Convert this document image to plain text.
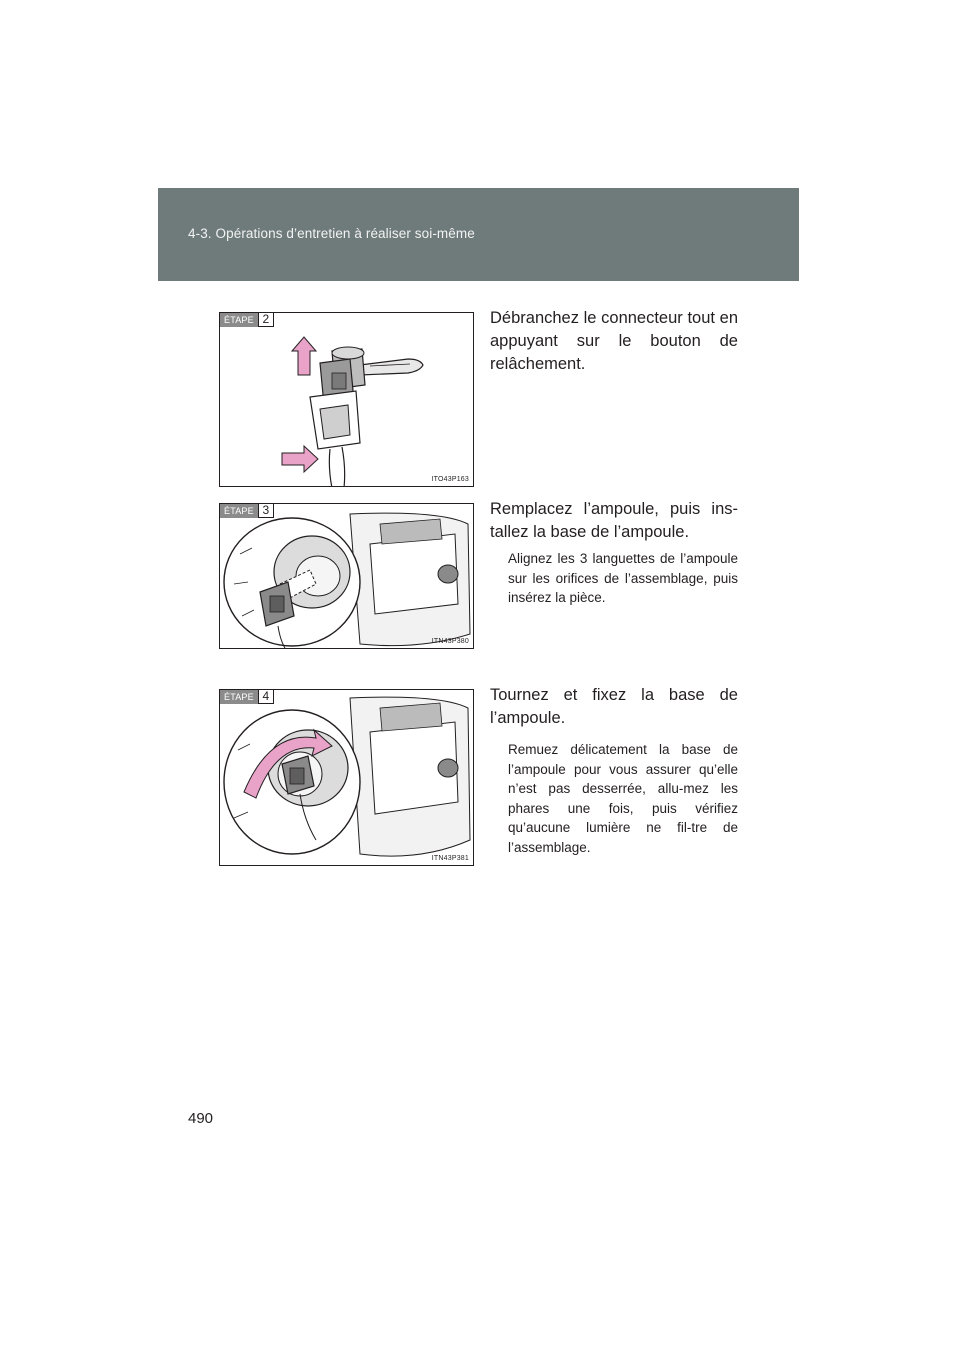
4-3. Opérations d’entretien à réaliser soi-même
ÉTAPE 2
ITO43P163
Débranchez le connecteur tout en appuyant sur le bouton de relâchement.
ÉTAPE 3
ITN43P380
Remplacez l’ampoule, puis ins-tallez la base de l’ampoule.
Alignez les 3 languettes de l’ampoule sur les orifices de l’assemblage, puis insérez la pièce.
ÉTAPE 4
ITN43P381
Tournez et fixez la base de l’ampoule.
Remuez délicatement la base de l’ampoule pour vous assurer qu’elle n’est pas desserrée, allu-mez les phares une fois, puis vérifiez qu’aucune lumière ne fil-tre de l’assemblage.
490
